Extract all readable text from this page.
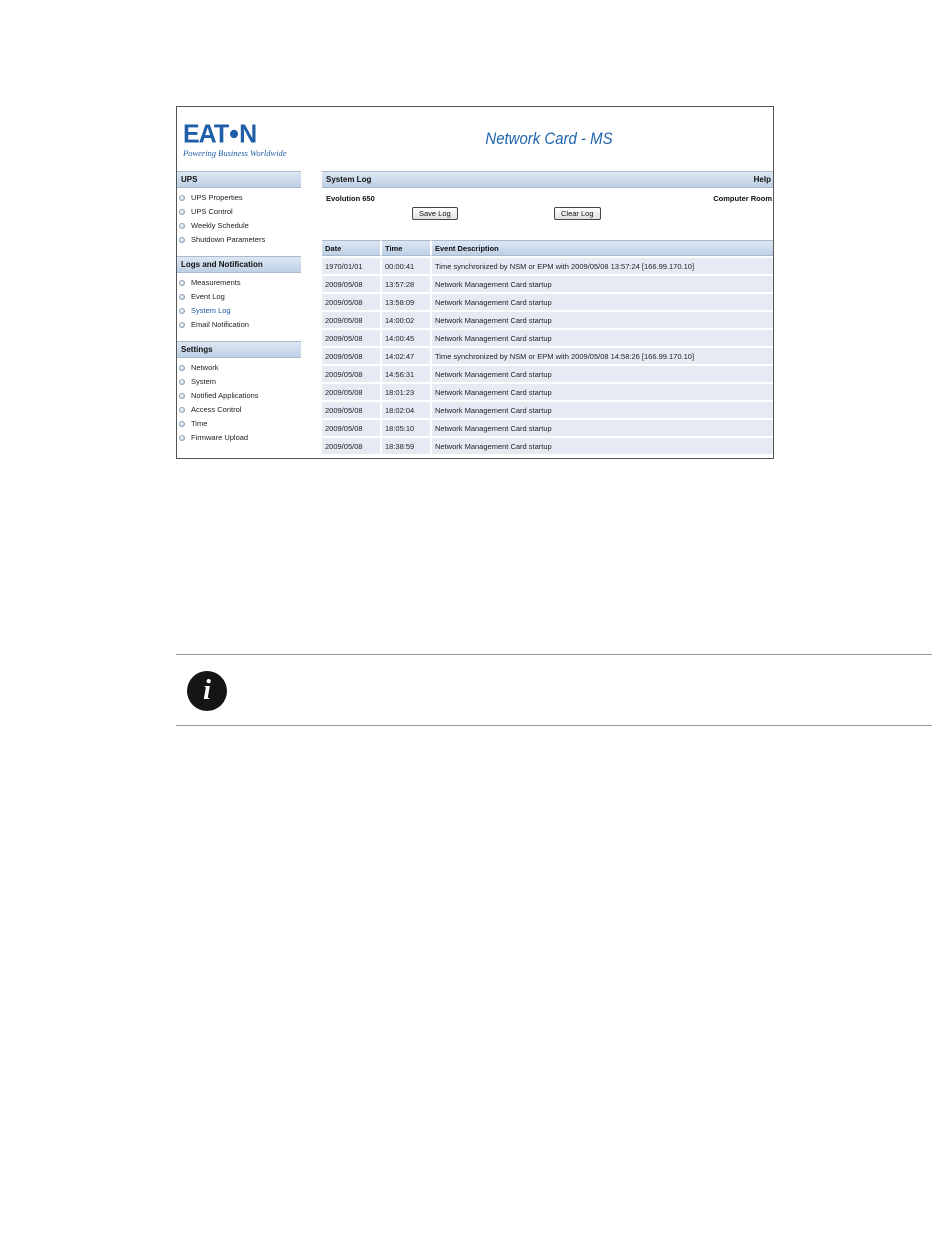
EAT N
Powering Business Worldwide
Network Card - MS
UPS
UPS Properties
UPS Control
Weekly Schedule
Shutdown Parameters
Logs and Notification
Measurements
Event Log
System Log
Email Notification
Settings
Network
System
Notified Applications
Access Control
Time
Firmware Upload
System Log	Help
Evolution 650	Computer Room
Save Log	Clear Log
Date	Time	Event Description
1970/01/01	00:00:41	Time synchronized by NSM or EPM with 2009/05/08 13:57:24 [166.99.170.10]
2009/05/08	13:57:28	Network Management Card startup
2009/05/08	13:58:09	Network Management Card startup
2009/05/08	14:00:02	Network Management Card startup
2009/05/08	14:00:45	Network Management Card startup
2009/05/08	14:02:47	Time synchronized by NSM or EPM with 2009/05/08 14:58:26 [166.99.170.10]
2009/05/08	14:56:31	Network Management Card startup
2009/05/08	18:01:23	Network Management Card startup
2009/05/08	18:02:04	Network Management Card startup
2009/05/08	18:05:10	Network Management Card startup
2009/05/08	18:38:59	Network Management Card startup
i
